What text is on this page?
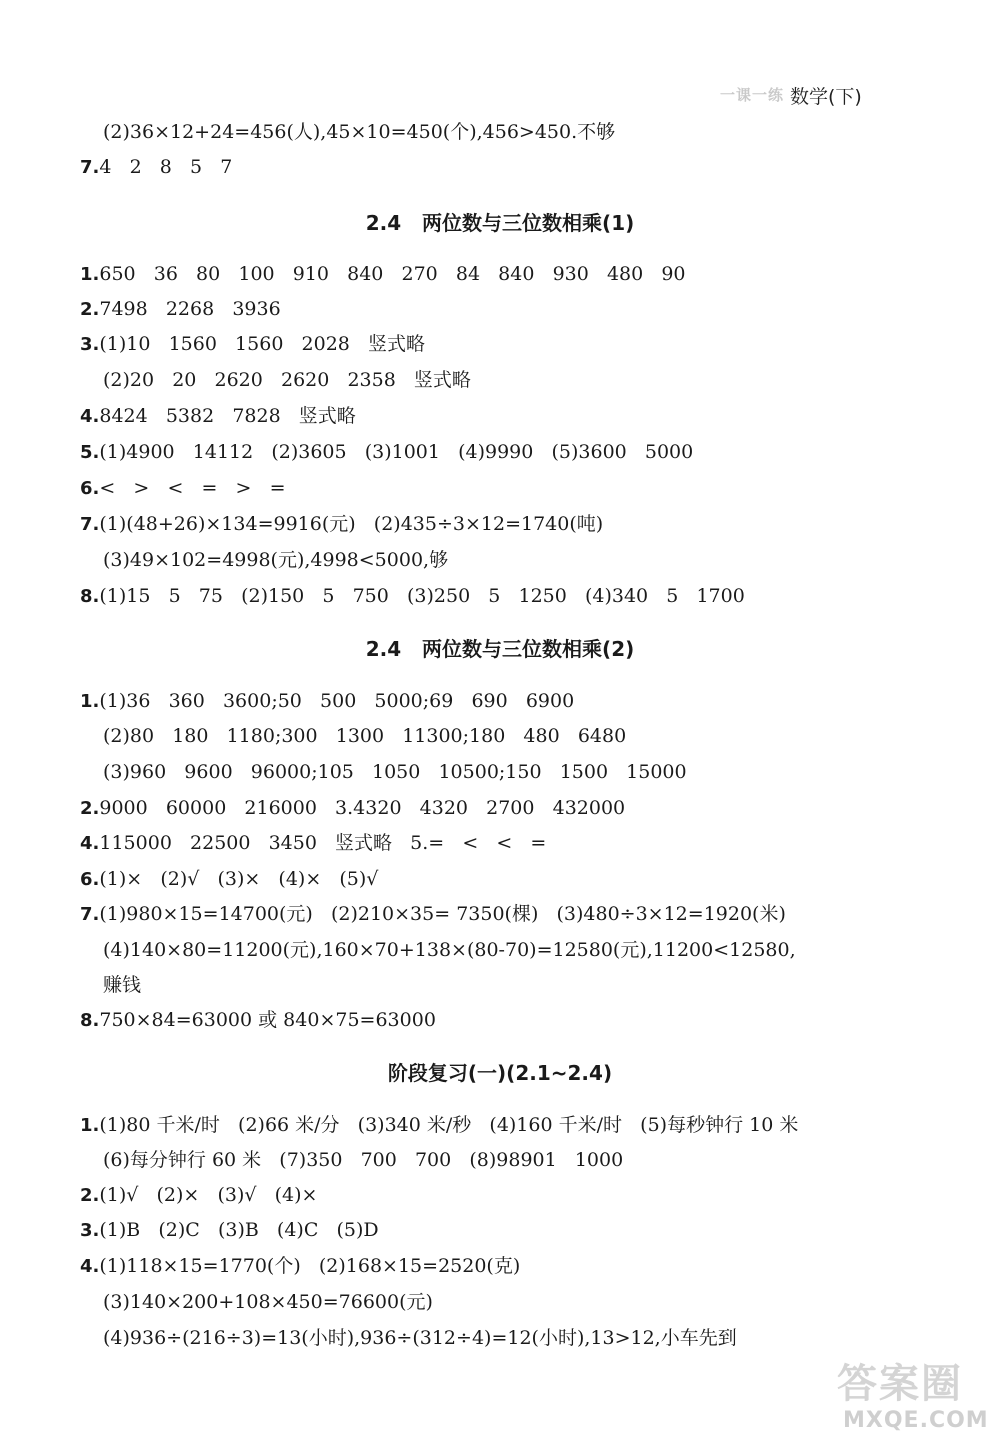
一课一练 数学(下)
(2)36×12+24=456(人),45×10=450(个),456>450.不够
7.4   2   8   5   7
2.4   两位数与三位数相乘(1)
1.650   36   80   100   910   840   270   84   840   930   480   90
2.7498   2268   3936
3.(1)10   1560   1560   2028   竖式略
(2)20   20   2620   2620   2358   竖式略
4.8424   5382   7828   竖式略
5.(1)4900   14112   (2)3605   (3)1001   (4)9990   (5)3600   5000
6.<   >   <   =   >   =
7.(1)(48+26)×134=9916(元)   (2)435÷3×12=1740(吨)
(3)49×102=4998(元),4998<5000,够
8.(1)15   5   75   (2)150   5   750   (3)250   5   1250   (4)340   5   1700
2.4   两位数与三位数相乘(2)
1.(1)36   360   3600;50   500   5000;69   690   6900
(2)80   180   1180;300   1300   11300;180   480   6480
(3)960   9600   96000;105   1050   10500;150   1500   15000
2.9000   60000   216000   3.4320   4320   2700   432000
4.115000   22500   3450   竖式略   5.=   <   <   =
6.(1)×   (2)√   (3)×   (4)×   (5)√
7.(1)980×15=14700(元)   (2)210×35= 7350(棵)   (3)480÷3×12=1920(米)
(4)140×80=11200(元),160×70+138×(80-70)=12580(元),11200<12580,
赚钱
8.750×84=63000 或 840×75=63000
阶段复习(一)(2.1~2.4)
1.(1)80 千米/时   (2)66 米/分   (3)340 米/秒   (4)160 千米/时   (5)每秒钟行 10 米
(6)每分钟行 60 米   (7)350   700   700   (8)98901   1000
2.(1)√   (2)×   (3)√   (4)×
3.(1)B   (2)C   (3)B   (4)C   (5)D
4.(1)118×15=1770(个)   (2)168×15=2520(克)
(3)140×200+108×450=76600(元)
(4)936÷(216÷3)=13(小时),936÷(312÷4)=12(小时),13>12,小车先到
答案圈
MXQE.COM
